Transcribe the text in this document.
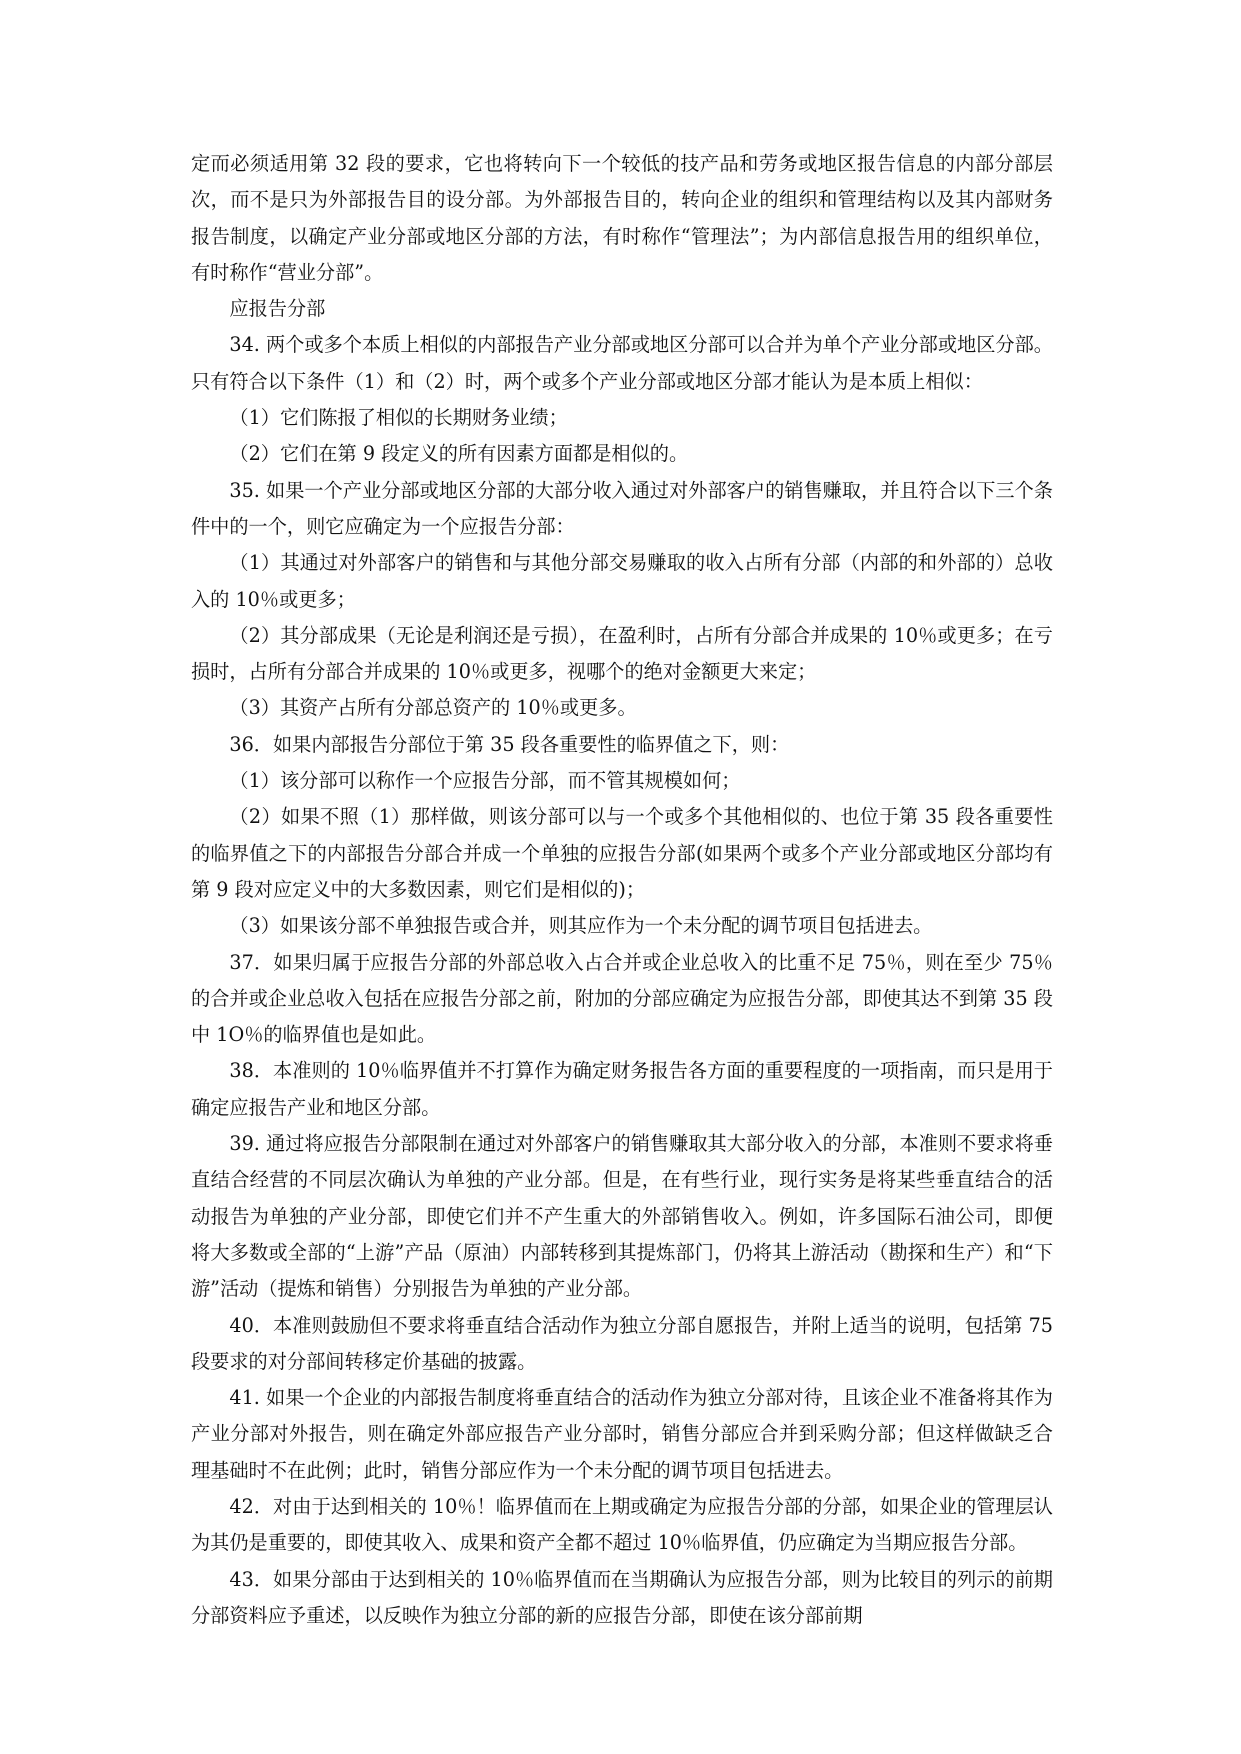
定而必须适用第 32 段的要求，它也将转向下一个较低的技产品和劳务或地区报告信息的内部分部层次，而不是只为外部报告目的设分部。为外部报告目的，转向企业的组织和管理结构以及其内部财务报告制度，以确定产业分部或地区分部的方法，有时称作“管理法”；为内部信息报告用的组织单位，有时称作“营业分部”。

应报告分部

34. 两个或多个本质上相似的内部报告产业分部或地区分部可以合并为单个产业分部或地区分部。只有符合以下条件（1）和（2）时，两个或多个产业分部或地区分部才能认为是本质上相似：

（1）它们陈报了相似的长期财务业绩；

（2）它们在第 9 段定义的所有因素方面都是相似的。

35. 如果一个产业分部或地区分部的大部分收入通过对外部客户的销售赚取，并且符合以下三个条件中的一个，则它应确定为一个应报告分部：

（1）其通过对外部客户的销售和与其他分部交易赚取的收入占所有分部（内部的和外部的）总收入的 10％或更多；

（2）其分部成果（无论是利润还是亏损），在盈利时，占所有分部合并成果的 10％或更多；在亏损时，占所有分部合并成果的 10％或更多，视哪个的绝对金额更大来定；

（3）其资产占所有分部总资产的 10％或更多。

36．如果内部报告分部位于第 35 段各重要性的临界值之下，则：

（1）该分部可以称作一个应报告分部，而不管其规模如何；

（2）如果不照（1）那样做，则该分部可以与一个或多个其他相似的、也位于第 35 段各重要性的临界值之下的内部报告分部合并成一个单独的应报告分部(如果两个或多个产业分部或地区分部均有第 9 段对应定义中的大多数因素，则它们是相似的)；

（3）如果该分部不单独报告或合并，则其应作为一个未分配的调节项目包括进去。

37．如果归属于应报告分部的外部总收入占合并或企业总收入的比重不足 75％，则在至少 75％的合并或企业总收入包括在应报告分部之前，附加的分部应确定为应报告分部，即使其达不到第 35 段中 1O％的临界值也是如此。

38．本准则的 10％临界值并不打算作为确定财务报告各方面的重要程度的一项指南，而只是用于确定应报告产业和地区分部。

39. 通过将应报告分部限制在通过对外部客户的销售赚取其大部分收入的分部，本准则不要求将垂直结合经营的不同层次确认为单独的产业分部。但是，在有些行业，现行实务是将某些垂直结合的活动报告为单独的产业分部，即使它们并不产生重大的外部销售收入。例如，许多国际石油公司，即便将大多数或全部的“上游”产品（原油）内部转移到其提炼部门，仍将其上游活动（勘探和生产）和“下游”活动（提炼和销售）分别报告为单独的产业分部。

40．本准则鼓励但不要求将垂直结合活动作为独立分部自愿报告，并附上适当的说明，包括第 75 段要求的对分部间转移定价基础的披露。

41. 如果一个企业的内部报告制度将垂直结合的活动作为独立分部对待，且该企业不准备将其作为产业分部对外报告，则在确定外部应报告产业分部时，销售分部应合并到采购分部；但这样做缺乏合理基础时不在此例；此时，销售分部应作为一个未分配的调节项目包括进去。

42．对由于达到相关的 10％！临界值而在上期或确定为应报告分部的分部，如果企业的管理层认为其仍是重要的，即使其收入、成果和资产全都不超过 10％临界值，仍应确定为当期应报告分部。

43．如果分部由于达到相关的 10％临界值而在当期确认为应报告分部，则为比较目的列示的前期分部资料应予重述，以反映作为独立分部的新的应报告分部，即使在该分部前期
